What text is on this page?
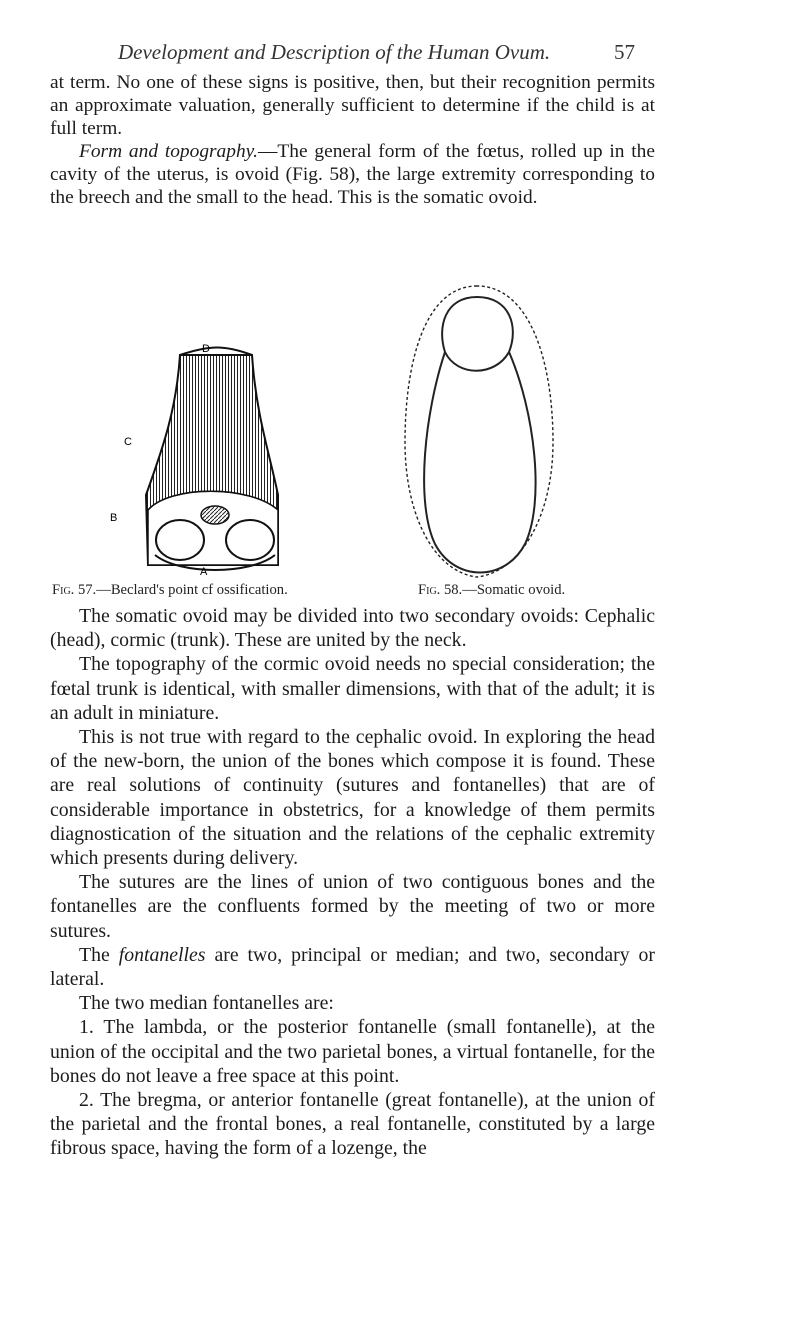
Development and Description of the Human Ovum.	57

at term. No one of these signs is positive, then, but their recognition permits an approximate valuation, generally sufficient to determine if the child is at full term.

Form and topography.—The general form of the fœtus, rolled up in the cavity of the uterus, is ovoid (Fig. 58), the large extremity corresponding to the breech and the small to the head. This is the somatic ovoid.

D
C
B
A
Fig. 57.—Beclard's point cf ossification.	Fig. 58.—Somatic ovoid.

The somatic ovoid may be divided into two secondary ovoids: Cephalic (head), cormic (trunk). These are united by the neck.

The topography of the cormic ovoid needs no special consideration; the fœtal trunk is identical, with smaller dimensions, with that of the adult; it is an adult in miniature.

This is not true with regard to the cephalic ovoid. In exploring the head of the new-born, the union of the bones which compose it is found. These are real solutions of continuity (sutures and fontanelles) that are of considerable importance in obstetrics, for a knowledge of them permits diagnostication of the situation and the relations of the cephalic extremity which presents during delivery.

The sutures are the lines of union of two contiguous bones and the fontanelles are the confluents formed by the meeting of two or more sutures.

The fontanelles are two, principal or median; and two, secondary or lateral.

The two median fontanelles are:

1. The lambda, or the posterior fontanelle (small fontanelle), at the union of the occipital and the two parietal bones, a virtual fontanelle, for the bones do not leave a free space at this point.

2. The bregma, or anterior fontanelle (great fontanelle), at the union of the parietal and the frontal bones, a real fontanelle, constituted by a large fibrous space, having the form of a lozenge, the
